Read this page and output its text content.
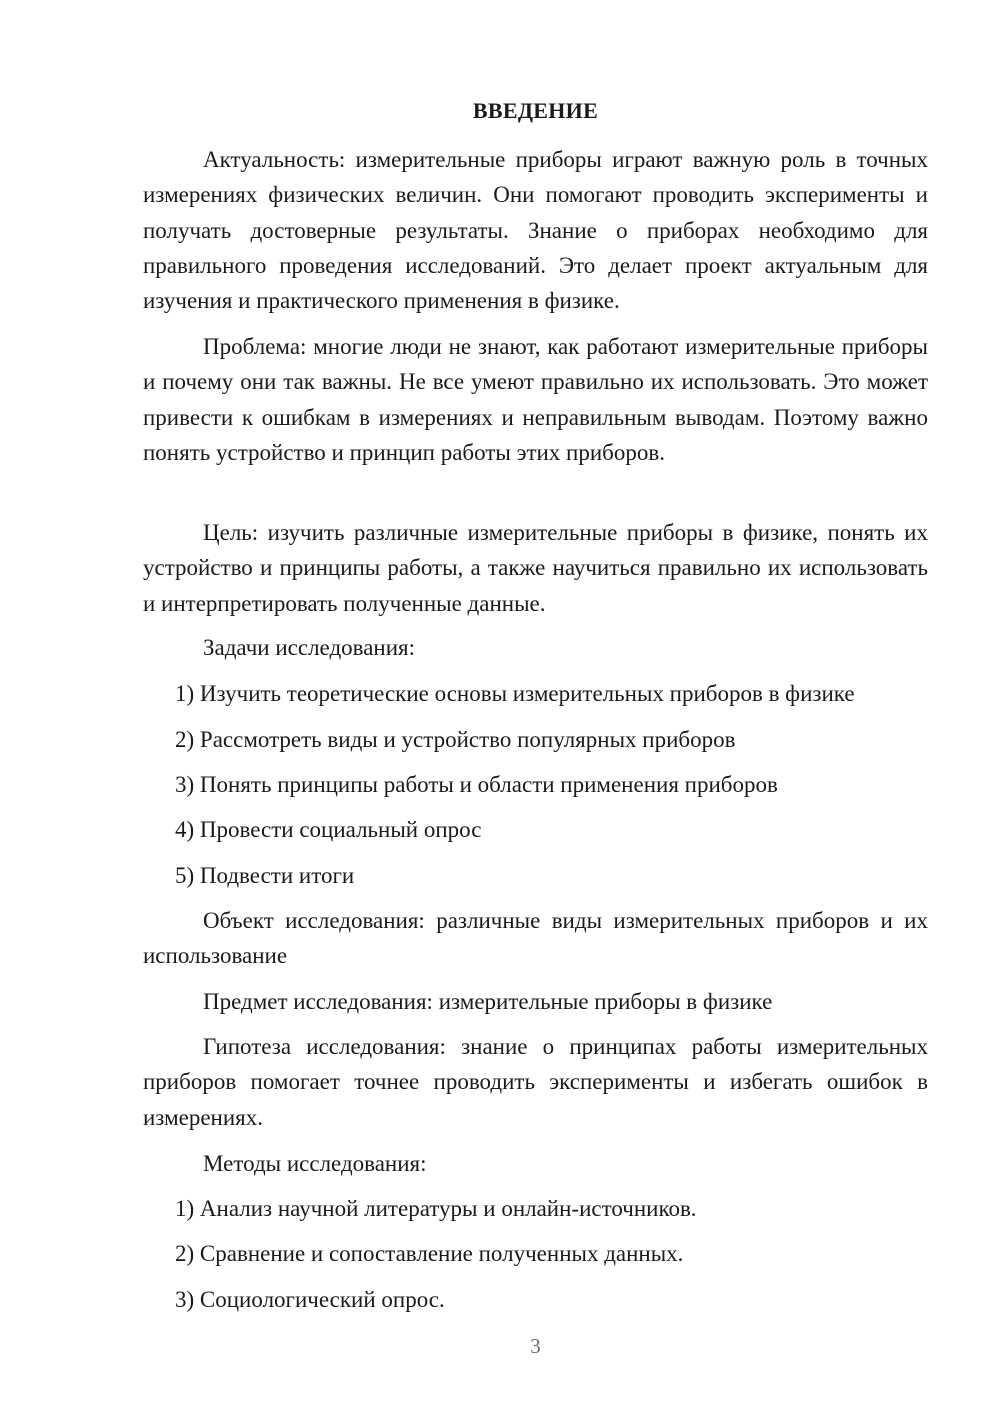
ВВЕДЕНИЕ

Актуальность: измерительные приборы играют важную роль в точных измерениях физических величин. Они помогают проводить эксперименты и получать достоверные результаты. Знание о приборах необходимо для правильного проведения исследований. Это делает проект актуальным для изучения и практического применения в физике.

Проблема: многие люди не знают, как работают измерительные приборы и почему они так важны. Не все умеют правильно их использовать. Это может привести к ошибкам в измерениях и неправильным выводам. Поэтому важно понять устройство и принцип работы этих приборов.

Цель: изучить различные измерительные приборы в физике, понять их устройство и принципы работы, а также научиться правильно их использовать и интерпретировать полученные данные.

Задачи исследования:

1) Изучить теоретические основы измерительных приборов в физике

2) Рассмотреть виды и устройство популярных приборов

3) Понять принципы работы и области применения приборов

4) Провести социальный опрос

5) Подвести итоги

Объект исследования: различные виды измерительных приборов и их использование

Предмет исследования: измерительные приборы в физике

Гипотеза исследования: знание о принципах работы измерительных приборов помогает точнее проводить эксперименты и избегать ошибок в измерениях.

Методы исследования:

1) Анализ научной литературы и онлайн-источников.

2) Сравнение и сопоставление полученных данных.

3) Социологический опрос.

3
